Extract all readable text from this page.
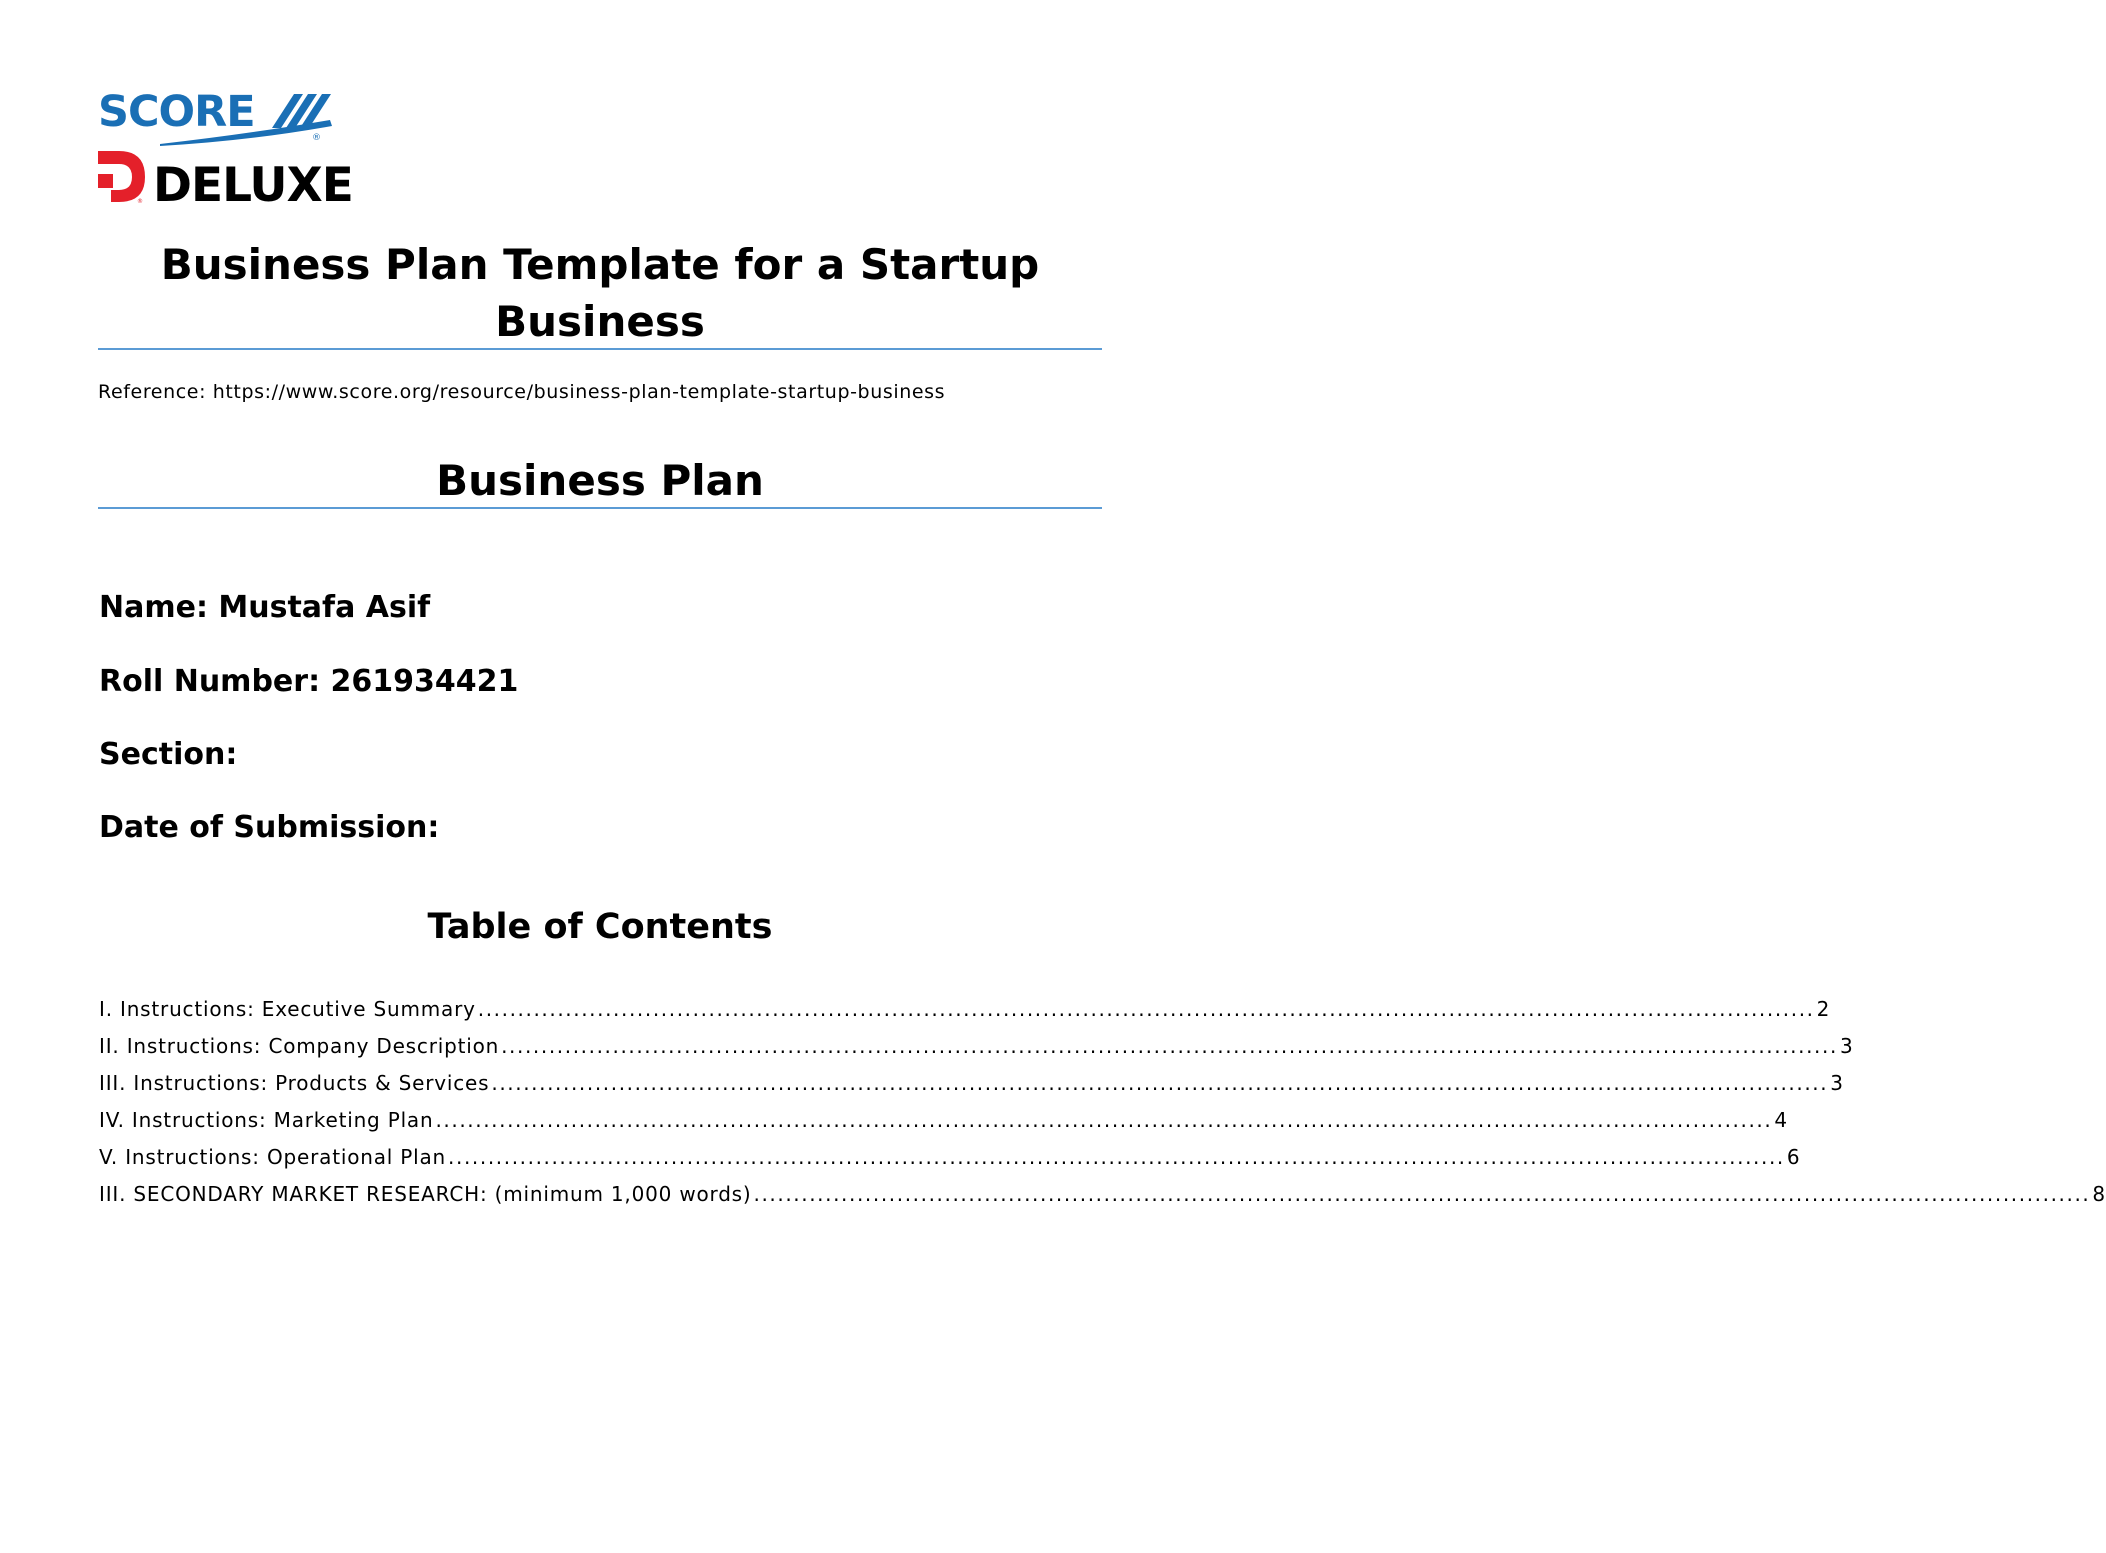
SCORE
®
® DELUXE
Business Plan Template for a Startup Business

Reference: https://www.score.org/resource/business-plan-template-startup-business

Business Plan

Name: Mustafa Asif

Roll Number: 261934421

Section:

Date of Submission:

Table of Contents
I. Instructions: Executive Summary ........................................................................................................................................................................ 2
II. Instructions: Company Description ........................................................................................................................................................................ 3
III. Instructions: Products & Services ........................................................................................................................................................................ 3
IV. Instructions: Marketing Plan ........................................................................................................................................................................ 4
V. Instructions: Operational Plan ........................................................................................................................................................................ 6
III. SECONDARY MARKET RESEARCH: (minimum 1,000 words) ........................................................................................................................................................................ 8
